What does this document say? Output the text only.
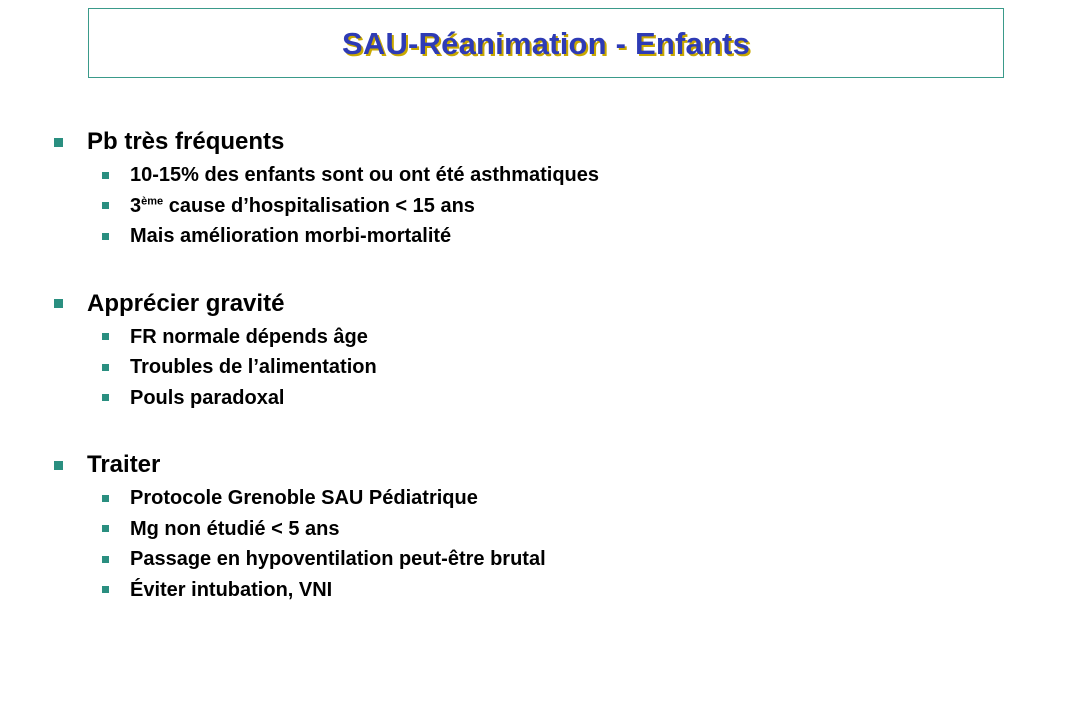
SAU-Réanimation - Enfants
Pb très fréquents
10-15% des enfants sont ou ont été asthmatiques
3ème cause d’hospitalisation < 15 ans
Mais amélioration morbi-mortalité
Apprécier gravité
FR normale dépends âge
Troubles de l’alimentation
Pouls paradoxal
Traiter
Protocole Grenoble SAU Pédiatrique
Mg non étudié < 5 ans
Passage en hypoventilation peut-être brutal
Éviter intubation, VNI
